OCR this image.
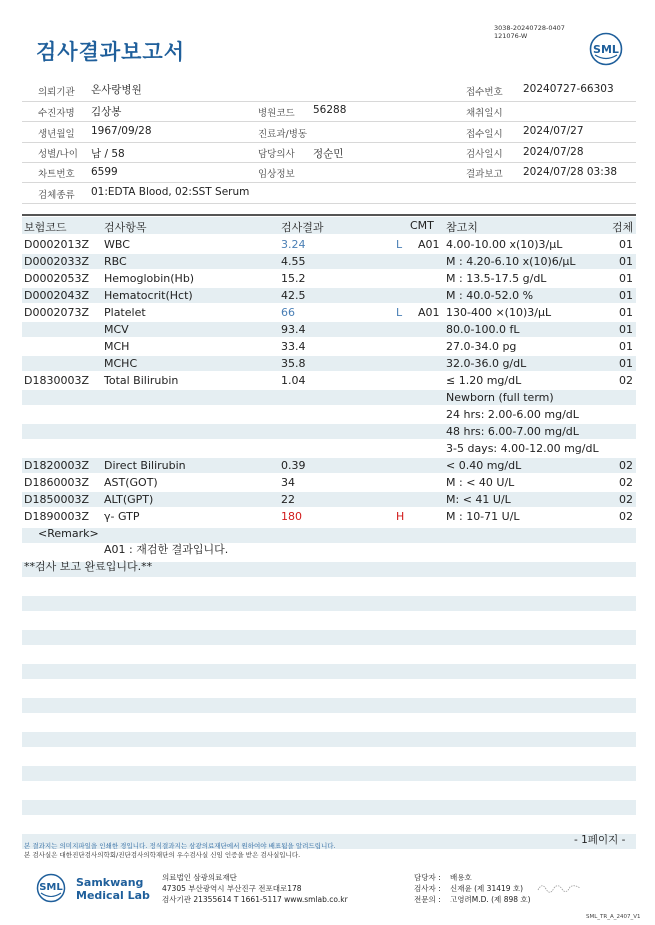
검사결과보고서
3038-20240728-0407
121076-W
SML
의뢰기관 온사랑병원	접수번호 20240727-66303
수진자명 김상봉	병원코드 56288	채취일시
생년월일 1967/09/28	진료과/병동	접수일시 2024/07/27
성별/나이 남 / 58	담당의사 정순민	검사일시 2024/07/28
차트번호 6599	임상정보	결과보고 2024/07/28 03:38
검체종류 01:EDTA Blood, 02:SST Serum
보험코드	검사항목	검사결과	CMT 참고치	검체
D0002013Z WBC	3.24	L A01 4.00-10.00 x(10)3/μL	01
D0002033Z RBC	4.55	M : 4.20-6.10 x(10)6/μL	01
D0002053Z Hemoglobin(Hb)	15.2	M : 13.5-17.5 g/dL	01
D0002043Z Hematocrit(Hct)	42.5	M : 40.0-52.0 %	01
D0002073Z Platelet	66	L A01 130-400 ×(10)3/μL	01
MCV	93.4	80.0-100.0 fL	01
MCH	33.4	27.0-34.0 pg	01
MCHC	35.8	32.0-36.0 g/dL	01
D1830003Z Total Bilirubin	1.04	≤ 1.20 mg/dL	02
Newborn (full term)
24 hrs: 2.00-6.00 mg/dL
48 hrs: 6.00-7.00 mg/dL
3-5 days: 4.00-12.00 mg/dL
D1820003Z Direct Bilirubin	0.39	< 0.40 mg/dL	02
D1860003Z AST(GOT)	34	M : < 40 U/L	02
D1850003Z ALT(GPT)	22	M: < 41 U/L	02
D1890003Z γ- GTP	180	H	M : 10-71 U/L	02
<Remark>
A01 : 재검한 결과입니다.
**검사 보고 완료입니다.**
본 결과지는 의미지파일을 인쇄한 경입니다. 정식결과지는 삼광의료재단에서 원하여야 배표됨을 알려드립니다.
본 검사실은 대한진단검사의학회/진단검사의학재단의 우수검사실 신임 인증을 받은 검사실입니다.
- 1페이지 -
SML Samkwang
Medical Lab
의료법인 삼광의료재단
47305 부산광역시 부산진구 전포대로178
검사기관 21355614 T 1661-5117 www.smlab.co.kr
담당자 : 배용호
검사자 : 신재윤 (제 31419 호)
전문의 : 고영려M.D. (제 898 호)
SML_TR_A_2407_V1
